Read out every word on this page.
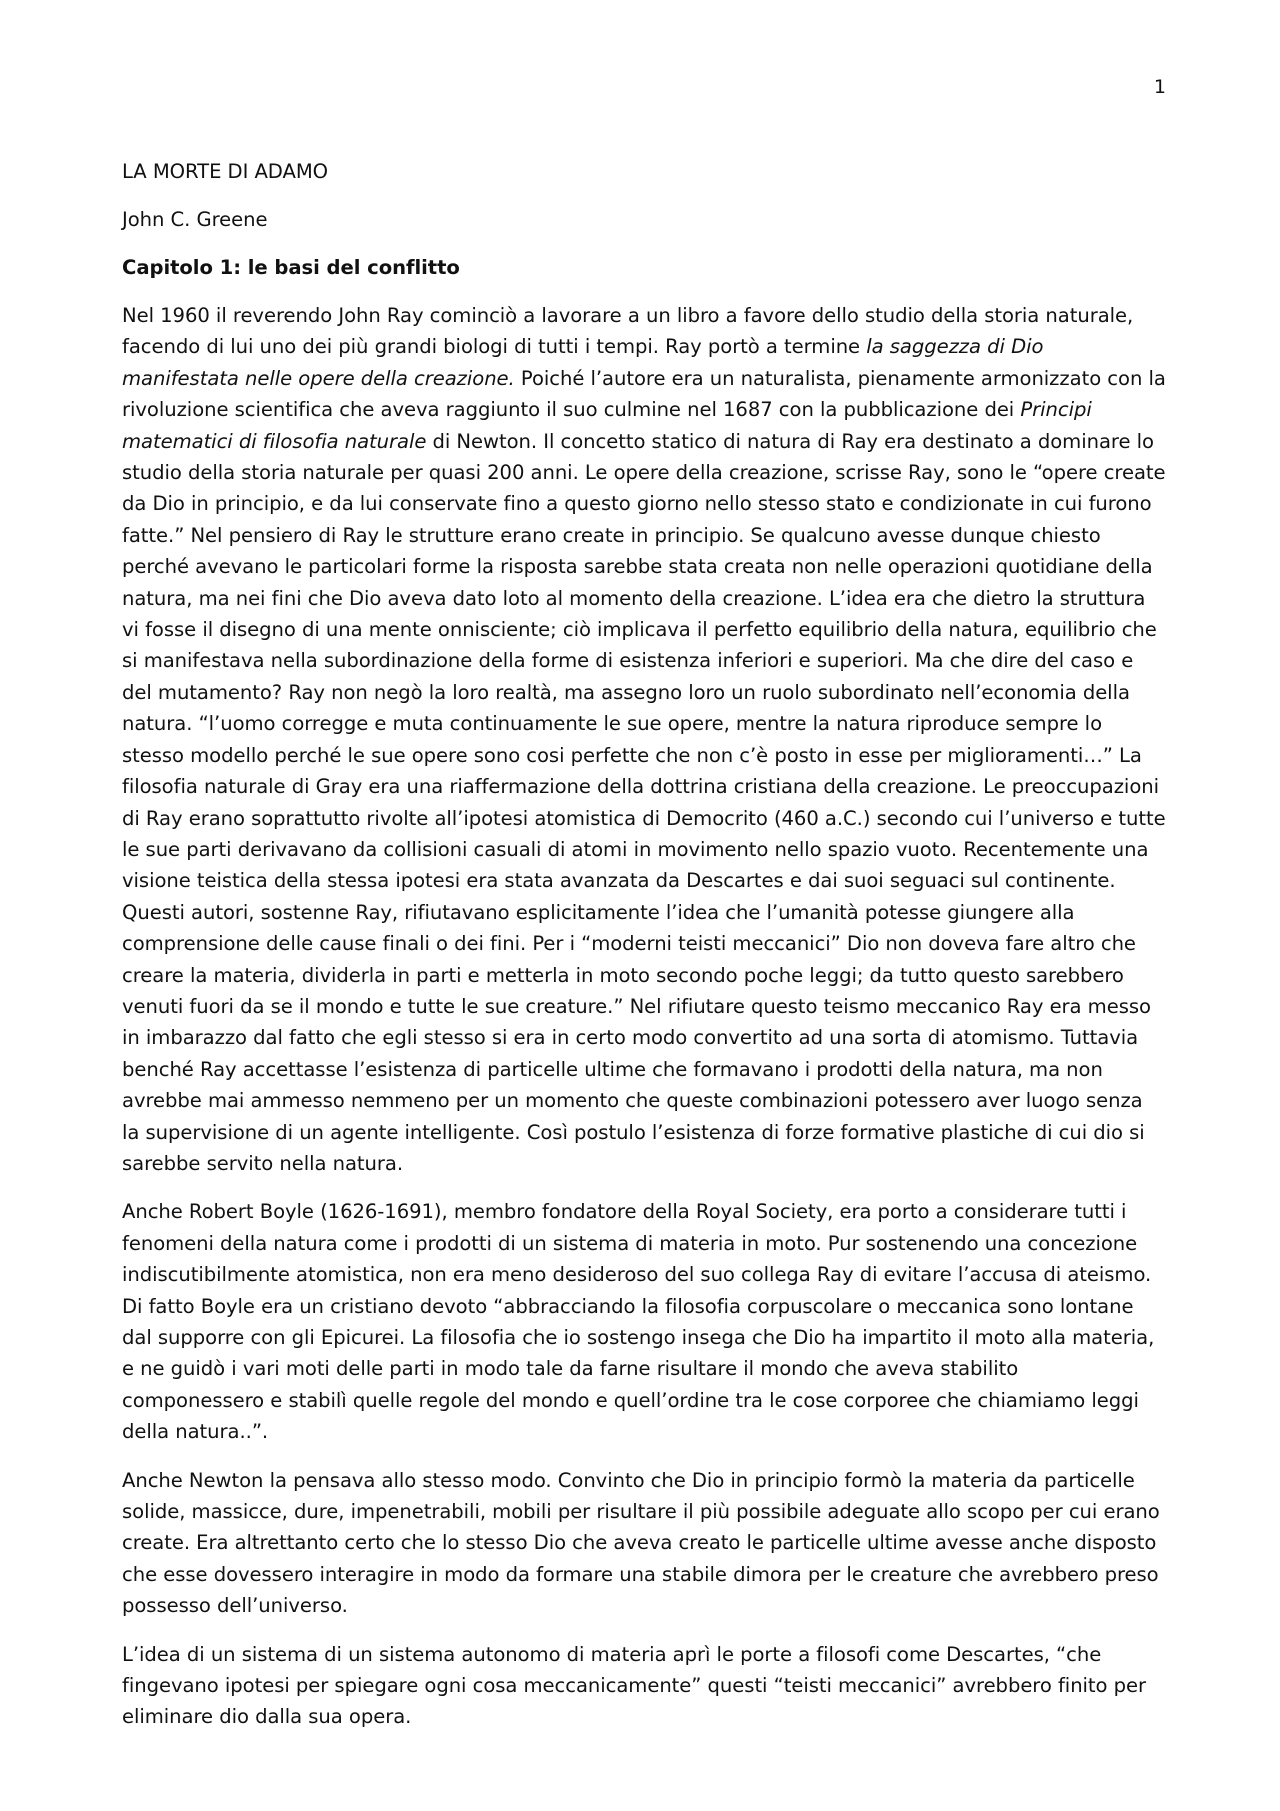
1
LA MORTE DI ADAMO
John C. Greene
Capitolo 1: le basi del conflitto

Nel 1960 il reverendo John Ray cominciò a lavorare a un libro a favore dello studio della storia naturale, facendo di lui uno dei più grandi biologi di tutti i tempi. Ray portò a termine la saggezza di Dio manifestata nelle opere della creazione. Poiché l’autore era un naturalista, pienamente armonizzato con la rivoluzione scientifica che aveva raggiunto il suo culmine nel 1687 con la pubblicazione dei Principi matematici di filosofia naturale di Newton. Il concetto statico di natura di Ray era destinato a dominare lo studio della storia naturale per quasi 200 anni. Le opere della creazione, scrisse Ray, sono le “opere create da Dio in principio, e da lui conservate fino a questo giorno nello stesso stato e condizionate in cui furono fatte.” Nel pensiero di Ray le strutture erano create in principio. Se qualcuno avesse dunque chiesto perché avevano le particolari forme la risposta sarebbe stata creata non nelle operazioni quotidiane della natura, ma nei fini che Dio aveva dato loto al momento della creazione. L’idea era che dietro la struttura vi fosse il disegno di una mente onnisciente; ciò implicava il perfetto equilibrio della natura, equilibrio che si manifestava nella subordinazione della forme di esistenza inferiori e superiori. Ma che dire del caso e del mutamento? Ray non negò la loro realtà, ma assegno loro un ruolo subordinato nell’economia della natura. “l’uomo corregge e muta continuamente le sue opere, mentre la natura riproduce sempre lo stesso modello perché le sue opere sono cosi perfette che non c’è posto in esse per miglioramenti…” La filosofia naturale di Gray era una riaffermazione della dottrina cristiana della creazione. Le preoccupazioni di Ray erano soprattutto rivolte all’ipotesi atomistica di Democrito (460 a.C.) secondo cui l’universo e tutte le sue parti derivavano da collisioni casuali di atomi in movimento nello spazio vuoto. Recentemente una visione teistica della stessa ipotesi era stata avanzata da Descartes e dai suoi seguaci sul continente. Questi autori, sostenne Ray, rifiutavano esplicitamente l’idea che l’umanità potesse giungere alla comprensione delle cause finali o dei fini. Per i “moderni teisti meccanici” Dio non doveva fare altro che creare la materia, dividerla in parti e metterla in moto secondo poche leggi; da tutto questo sarebbero venuti fuori da se il mondo e tutte le sue creature.” Nel rifiutare questo teismo meccanico Ray era messo in imbarazzo dal fatto che egli stesso si era in certo modo convertito ad una sorta di atomismo. Tuttavia benché Ray accettasse l’esistenza di particelle ultime che formavano i prodotti della natura, ma non avrebbe mai ammesso nemmeno per un momento che queste combinazioni potessero aver luogo senza la supervisione di un agente intelligente. Così postulo l’esistenza di forze formative plastiche di cui dio si sarebbe servito nella natura.

Anche Robert Boyle (1626-1691), membro fondatore della Royal Society, era porto a considerare tutti i fenomeni della natura come i prodotti di un sistema di materia in moto. Pur sostenendo una concezione indiscutibilmente atomistica, non era meno desideroso del suo collega Ray di evitare l’accusa di ateismo. Di fatto Boyle era un cristiano devoto “abbracciando la filosofia corpuscolare o meccanica sono lontane dal supporre con gli Epicurei. La filosofia che io sostengo insega che Dio ha impartito il moto alla materia, e ne guidò i vari moti delle parti in modo tale da farne risultare il mondo che aveva stabilito componessero e stabilì quelle regole del mondo e quell’ordine tra le cose corporee che chiamiamo leggi della natura..”.

Anche Newton la pensava allo stesso modo. Convinto che Dio in principio formò la materia da particelle solide, massicce, dure, impenetrabili, mobili per risultare il più possibile adeguate allo scopo per cui erano create. Era altrettanto certo che lo stesso Dio che aveva creato le particelle ultime avesse anche disposto che esse dovessero interagire in modo da formare una stabile dimora per le creature che avrebbero preso possesso dell’universo.

L’idea di un sistema di un sistema autonomo di materia aprì le porte a filosofi come Descartes, “che fingevano ipotesi per spiegare ogni cosa meccanicamente” questi “teisti meccanici” avrebbero finito per eliminare dio dalla sua opera.
